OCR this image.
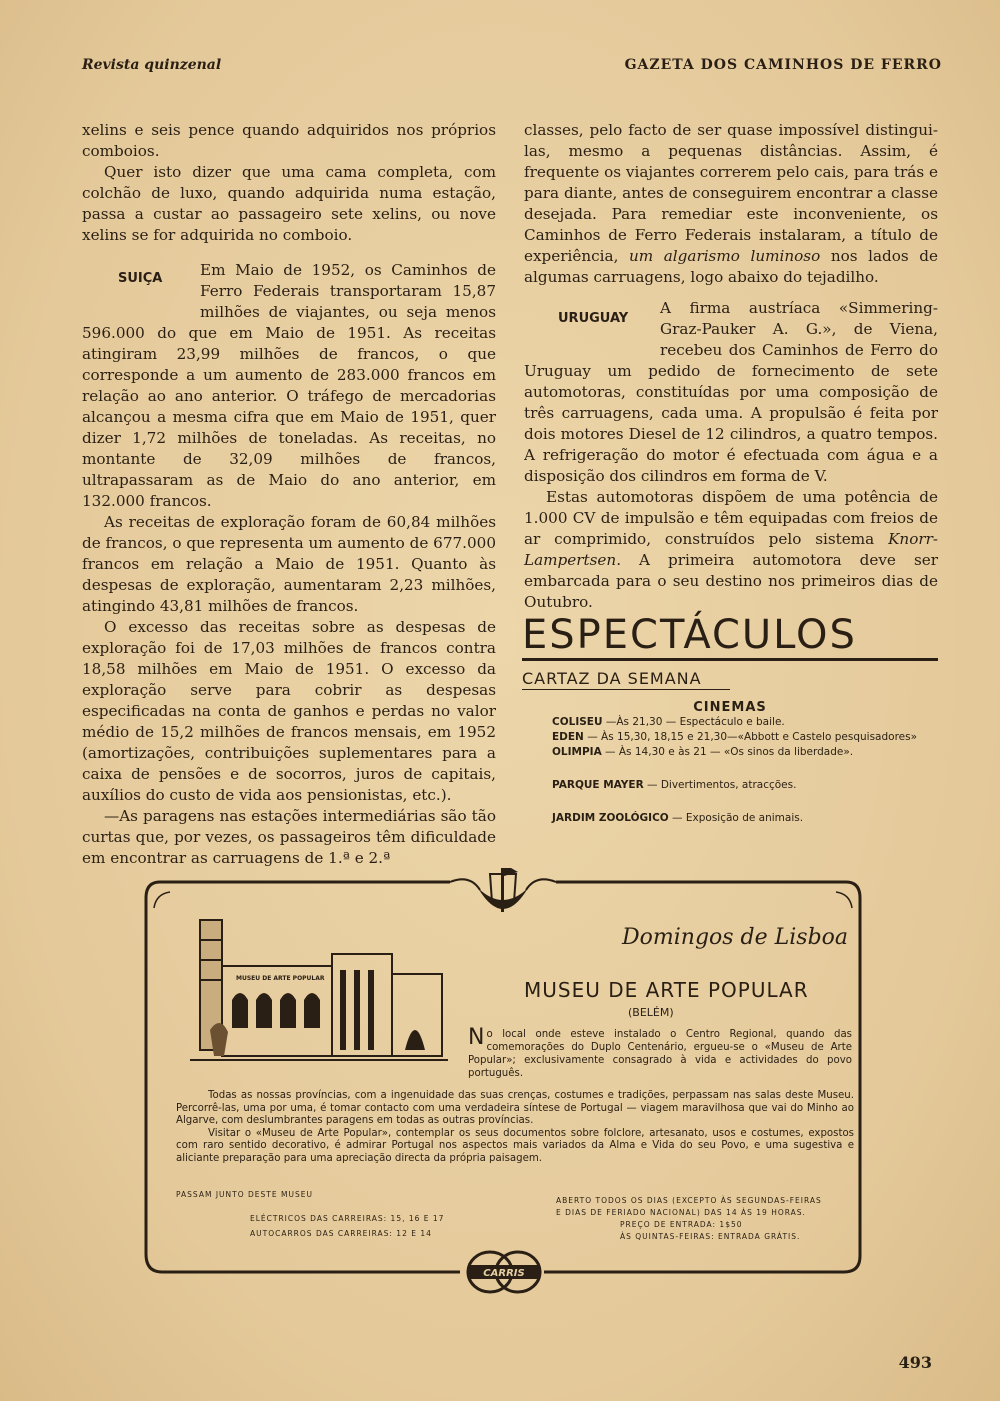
Revista quinzenal	GAZETA DOS CAMINHOS DE FERRO

xelins e seis pence quando adquiridos nos próprios comboios.

Quer isto dizer que uma cama completa, com colchão de luxo, quando adquirida numa estação, passa a custar ao passageiro sete xelins, ou nove xelins se for adquirida no comboio.

SUIÇA	Em Maio de 1952, os Caminhos de Ferro Federais transportaram 15,87 milhões de viajantes, ou seja menos 596.000 do que em Maio de 1951. As receitas atingiram 23,99 milhões de francos, o que corresponde a um aumento de 283.000 francos em relação ao ano anterior. O tráfego de mercadorias alcançou a mesma cifra que em Maio de 1951, quer dizer 1,72 milhões de toneladas. As receitas, no montante de 32,09 milhões de francos, ultrapassaram as de Maio do ano anterior, em 132.000 francos.

As receitas de exploração foram de 60,84 milhões de francos, o que representa um aumento de 677.000 francos em relação a Maio de 1951. Quanto às despesas de exploração, aumentaram 2,23 milhões, atingindo 43,81 milhões de francos.

O excesso das receitas sobre as despesas de exploração foi de 17,03 milhões de francos contra 18,58 milhões em Maio de 1951. O excesso da exploração serve para cobrir as despesas especificadas na conta de ganhos e perdas no valor médio de 15,2 milhões de francos mensais, em 1952 (amortizações, contribuições suplementares para a caixa de pensões e de socorros, juros de capitais, auxílios do custo de vida aos pensionistas, etc.).

—As paragens nas estações intermediárias são tão curtas que, por vezes, os passageiros têm dificuldade em encontrar as carruagens de 1.ª e 2.ª

classes, pelo facto de ser quase impossível distingui-las, mesmo a pequenas distâncias. Assim, é frequente os viajantes correrem pelo cais, para trás e para diante, antes de conseguirem encontrar a classe desejada. Para remediar este inconveniente, os Caminhos de Ferro Federais instalaram, a título de experiência, um algarismo luminoso nos lados de algumas carruagens, logo abaixo do tejadilho.

URUGUAY

A firma austríaca «Simmering-Graz-Pauker A. G.», de Viena, recebeu dos Caminhos de Ferro do Uruguay um pedido de fornecimento de sete automotoras, constituídas por uma composição de três carruagens, cada uma. A propulsão é feita por dois motores Diesel de 12 cilindros, a quatro tempos. A refrigeração do motor é efectuada com água e a disposição dos cilindros em forma de V.

Estas automotoras dispõem de uma potência de 1.000 CV de impulsão e têm equipadas com freios de ar comprimido, construídos pelo sistema Knorr-Lampertsen. A primeira automotora deve ser embarcada para o seu destino nos primeiros dias de Outubro.

ESPECTÁCULOS
CARTAZ DA SEMANA
CINEMAS
COLISEU —Às 21,30 — Espectáculo e baile.
EDEN — Às 15,30, 18,15 e 21,30—«Abbott e Castelo pesquisadores»
OLIMPIA — Às 14,30 e às 21 — «Os sinos da liberdade».
PARQUE MAYER — Divertimentos, atracções.
JARDIM ZOOLÓGICO — Exposição de animais.
MUSEU DE ARTE POPULAR
Domingos de Lisboa
MUSEU DE ARTE POPULAR
(BELÉM)
No local onde esteve instalado o Centro Regional, quando das comemorações do Duplo Centenário, ergueu-se o «Museu de Arte Popular»; exclusivamente consagrado à vida e actividades do povo português.

Todas as nossas províncias, com a ingenuidade das suas crenças, costumes e tradições, perpassam nas salas deste Museu. Percorrê-las, uma por uma, é tomar contacto com uma verdadeira síntese de Portugal — viagem maravilhosa que vai do Minho ao Algarve, com deslumbrantes paragens em todas as outras províncias.

Visitar o «Museu de Arte Popular», contemplar os seus documentos sobre folclore, artesanato, usos e costumes, expostos com raro sentido decorativo, é admirar Portugal nos aspectos mais variados da Alma e Vida do seu Povo, e uma sugestiva e aliciante preparação para uma apreciação directa da própria paisagem.

PASSAM JUNTO DESTE MUSEU
ELÉCTRICOS DAS CARREIRAS: 15, 16 E 17
AUTOCARROS DAS CARREIRAS: 12 E 14
ABERTO TODOS OS DIAS (EXCEPTO ÀS SEGUNDAS-FEIRAS
E DIAS DE FERIADO NACIONAL) DAS 14 ÀS 19 HORAS.
PREÇO DE ENTRADA: 1$50
ÀS QUINTAS-FEIRAS: ENTRADA GRÁTIS.
CARRIS
493
